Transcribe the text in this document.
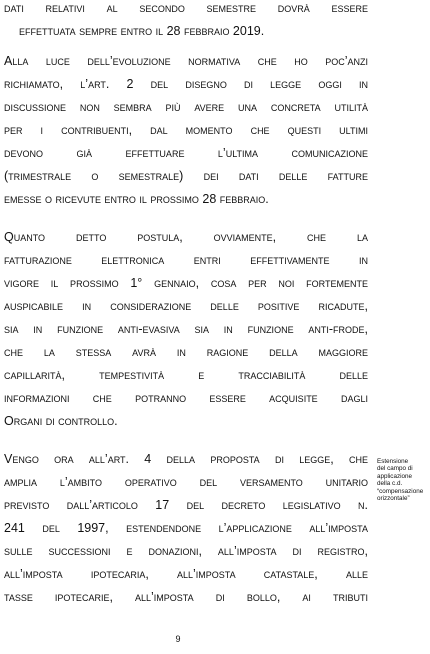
dati relativi al secondo semestre dovrà essere
effettuata sempre entro il 28 febbraio 2019.
Alla luce dell’evoluzione normativa che ho poc’anzi
richiamato, l’art. 2 del disegno di legge oggi in
discussione non sembra più avere una concreta utilità
per i contribuenti, dal momento che questi ultimi
devono già effettuare l’ultima comunicazione
(trimestrale o semestrale) dei dati delle fatture
emesse o ricevute entro il prossimo 28 febbraio.
Quanto detto postula, ovviamente, che la
fatturazione elettronica entri effettivamente in
vigore il prossimo 1° gennaio, cosa per noi fortemente
auspicabile in considerazione delle positive ricadute,
sia in funzione anti-evasiva sia in funzione anti-frode,
che la stessa avrà in ragione della maggiore
capillarità, tempestività e tracciabilità delle
informazioni che potranno essere acquisite dagli
Organi di controllo.
Vengo ora all’art. 4 della proposta di legge, che
amplia l’ambito operativo del versamento unitario
previsto dall’articolo 17 del decreto legislativo n.
241 del 1997, estendendone l’applicazione all’imposta
sulle successioni e donazioni, all’imposta di registro,
all’imposta ipotecaria, all’imposta catastale, alle
tasse ipotecarie, all’imposta di bollo, ai tributi
Estensione
del campo di
applicazione
della c.d.
“compensazione
orizzontale”
9
